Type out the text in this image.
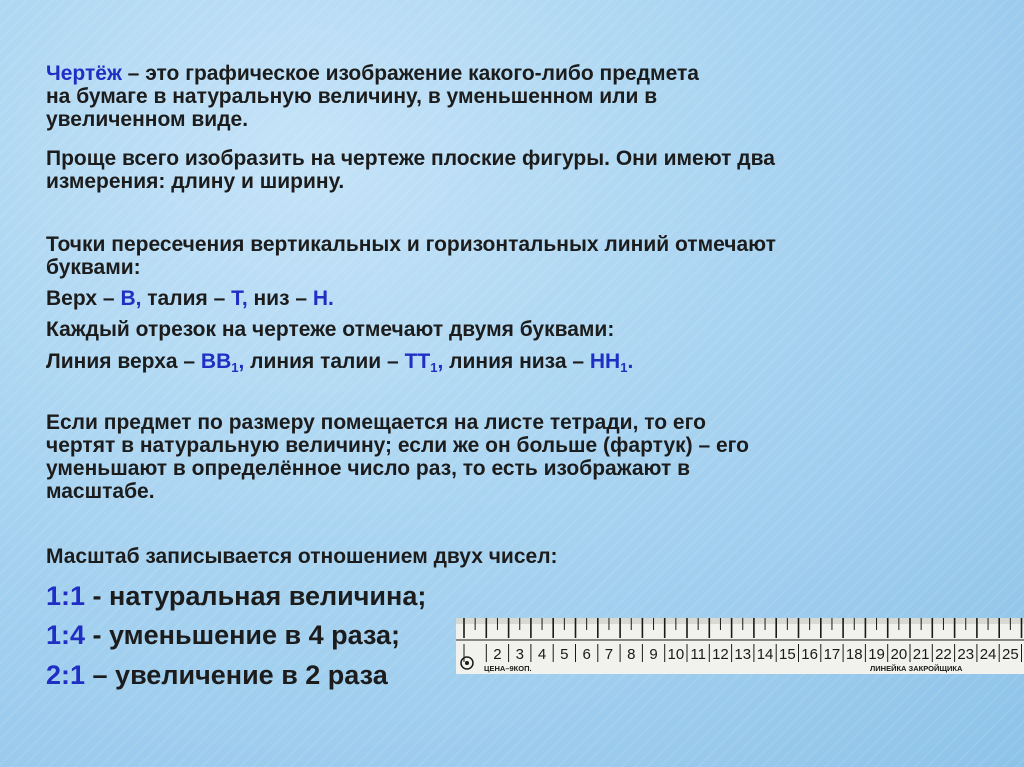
Чертёж – это графическое изображение какого-либо предмета

на бумаге в натуральную величину, в уменьшенном или в

увеличенном виде.

Проще всего изобразить на чертеже плоские фигуры. Они имеют два

измерения: длину и ширину.

Точки пересечения вертикальных и горизонтальных линий отмечают

буквами:

Верх – В, талия – Т, низ – Н.

Каждый отрезок на чертеже отмечают двумя буквами:

Линия верха – $ВВ_1$, линия талии – $ТТ_1$, линия низа – $НН_1$.

Если предмет по размеру помещается на листе тетради, то его

чертят в натуральную величину; если же он больше (фартук) – его

уменьшают в определённое число раз, то есть изображают в

масштабе.

Масштаб записывается отношением двух чисел:

1:1 - натуральная величина;

1:4 - уменьшение в 4 раза;

2:1 – увеличение в 2 раза

2 3 4 5 6 7 8 9 10 11 12 13 14 15 16 17 18 19 20 21 22 23 24 25
ЦЕНА–9КОП.	ЛИНЕЙКА ЗАКРОЙЩИКА
